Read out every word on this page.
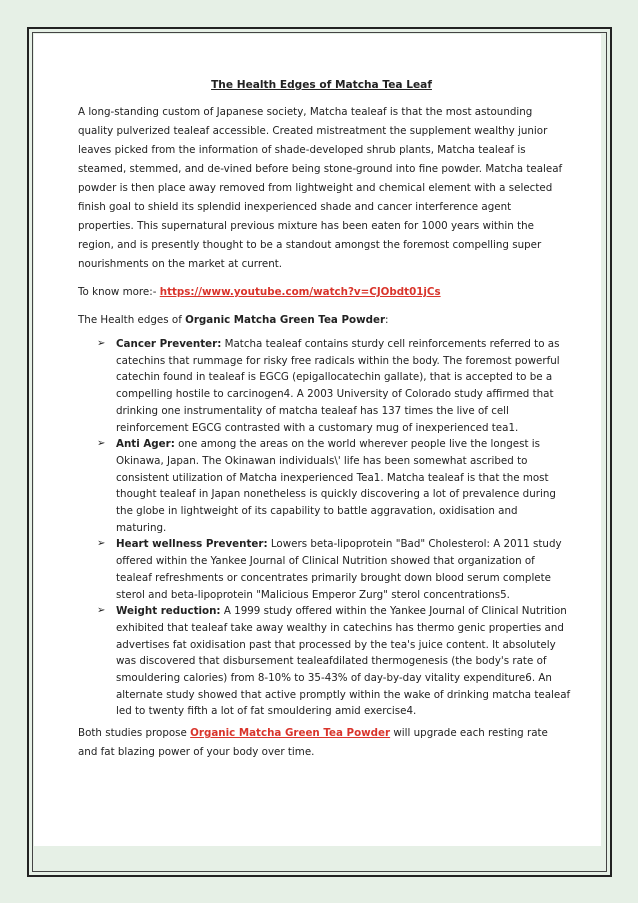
The Health Edges of Matcha Tea Leaf

A long-standing custom of Japanese society, Matcha tealeaf is that the most astounding quality pulverized tealeaf accessible. Created mistreatment the supplement wealthy junior leaves picked from the information of shade-developed shrub plants, Matcha tealeaf is steamed, stemmed, and de-vined before being stone-ground into fine powder. Matcha tealeaf powder is then place away removed from lightweight and chemical element with a selected finish goal to shield its splendid inexperienced shade and cancer interference agent properties. This supernatural previous mixture has been eaten for 1000 years within the region, and is presently thought to be a standout amongst the foremost compelling super nourishments on the market at current.

To know more:- https://www.youtube.com/watch?v=CJObdt01jCs

The Health edges of Organic Matcha Green Tea Powder:

➢ Cancer Preventer: Matcha tealeaf contains sturdy cell reinforcements referred to as catechins that rummage for risky free radicals within the body. The foremost powerful catechin found in tealeaf is EGCG (epigallocatechin gallate), that is accepted to be a compelling hostile to carcinogen4. A 2003 University of Colorado study affirmed that drinking one instrumentality of matcha tealeaf has 137 times the live of cell reinforcement EGCG contrasted with a customary mug of inexperienced tea1.
➢ Anti Ager: one among the areas on the world wherever people live the longest is Okinawa, Japan. The Okinawan individuals\' life has been somewhat ascribed to consistent utilization of Matcha inexperienced Tea1. Matcha tealeaf is that the most thought tealeaf in Japan nonetheless is quickly discovering a lot of prevalence during the globe in lightweight of its capability to battle aggravation, oxidisation and maturing.
➢ Heart wellness Preventer: Lowers beta-lipoprotein "Bad" Cholesterol: A 2011 study offered within the Yankee Journal of Clinical Nutrition showed that organization of tealeaf refreshments or concentrates primarily brought down blood serum complete sterol and beta-lipoprotein "Malicious Emperor Zurg" sterol concentrations5.
➢ Weight reduction: A 1999 study offered within the Yankee Journal of Clinical Nutrition exhibited that tealeaf take away wealthy in catechins has thermo genic properties and advertises fat oxidisation past that processed by the tea's juice content. It absolutely was discovered that disbursement tealeafdilated thermogenesis (the body's rate of smouldering calories) from 8-10% to 35-43% of day-by-day vitality expenditure6. An alternate study showed that active promptly within the wake of drinking matcha tealeaf led to twenty fifth a lot of fat smouldering amid exercise4.

Both studies propose Organic Matcha Green Tea Powder will upgrade each resting rate and fat blazing power of your body over time.
